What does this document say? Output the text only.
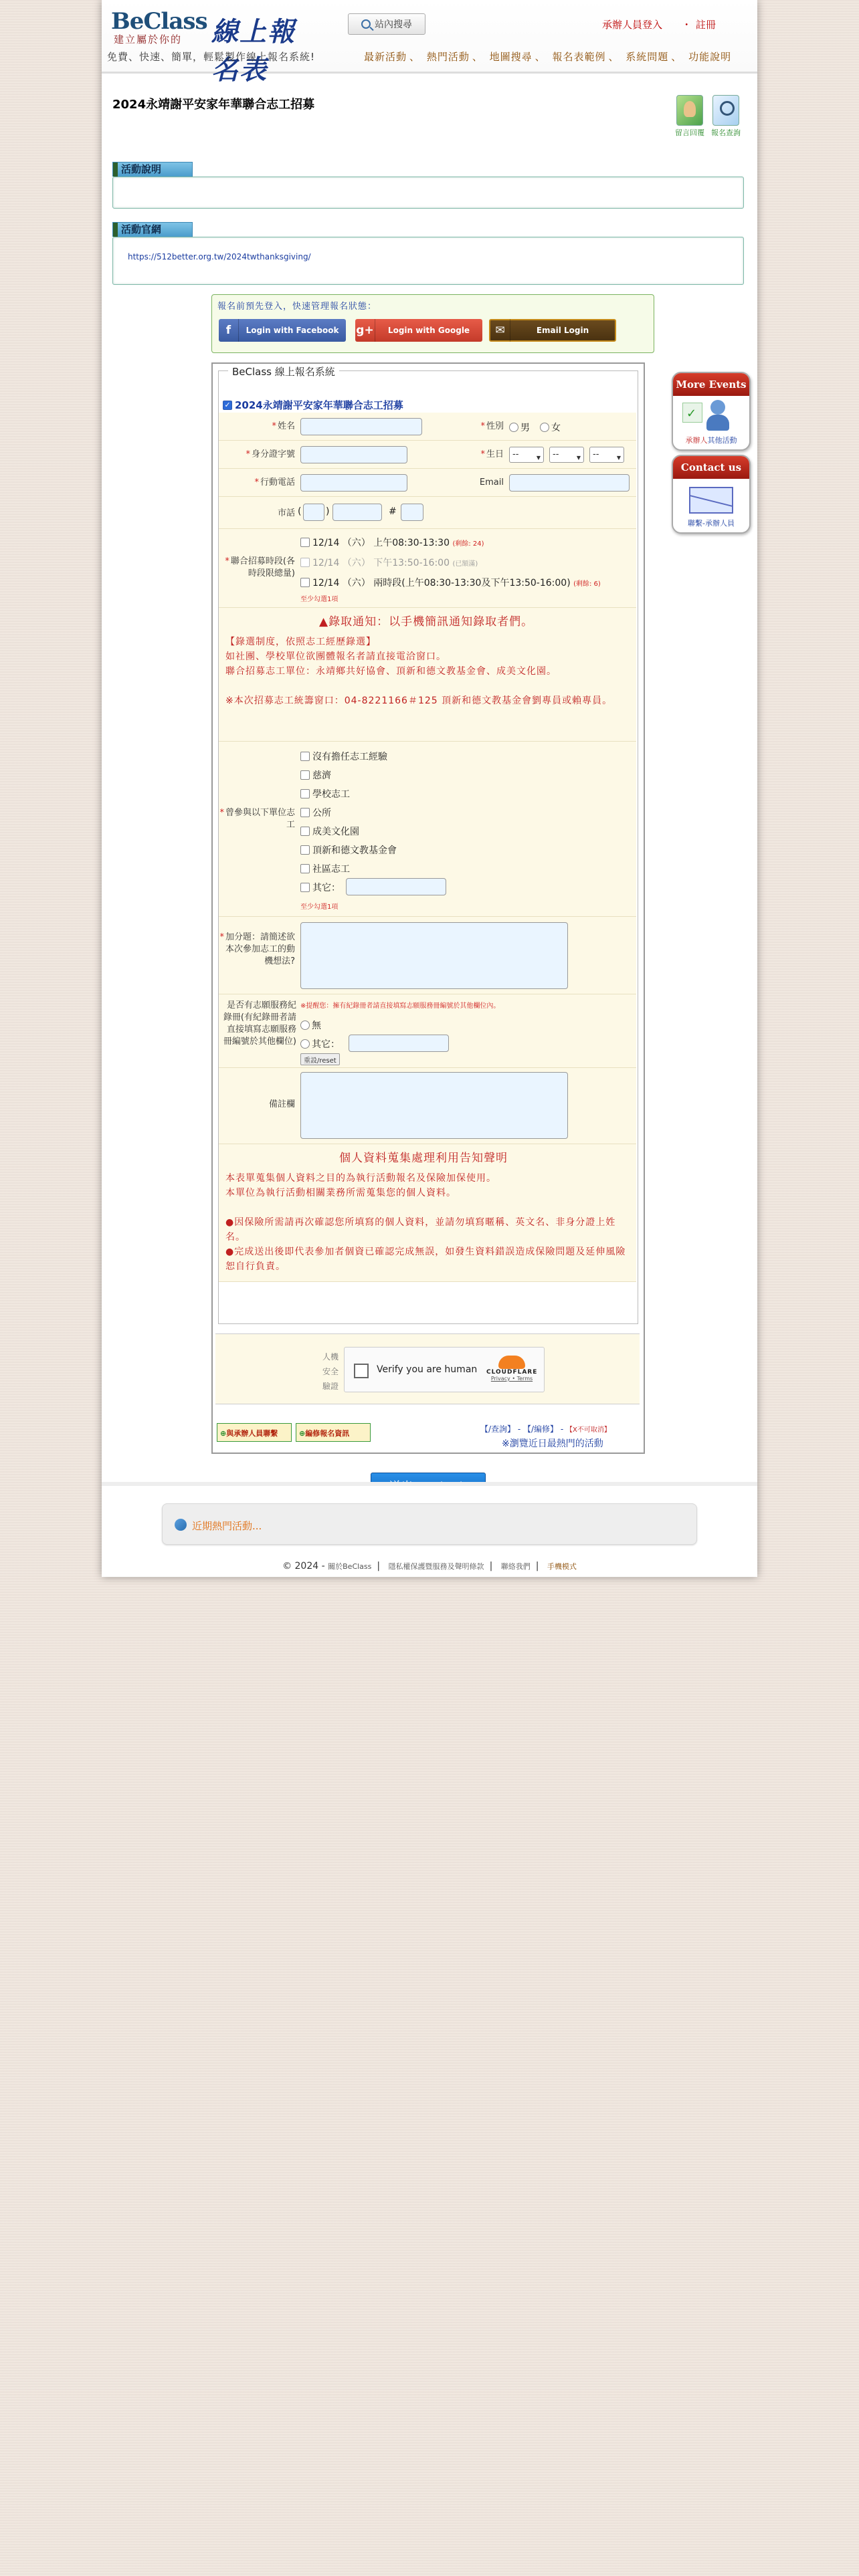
BeClass
建立屬於你的 線上報名表
免費、快速、簡單，輕鬆製作線上報名系統!
站內搜尋	承辦人員登入 ・ 註冊
最新活動 、 熱門活動 、 地圖搜尋 、 報名表範例 、 系統問題 、 功能說明
2024永靖謝平安家年華聯合志工招募
留言回覆 報名查詢
活動說明
活動官網
https://512better.org.tw/2024twthanksgiving/
報名前預先登入，快速管理報名狀態：
f	Login with Facebook	g+	Login with Google	✉	Email Login
BeClass 線上報名系統
✓ 2024永靖謝平安家年華聯合志工招募
* 姓名	* 性別	男	女
* 身分證字號	* 生日	-- ▼	-- ▼	-- ▼
* 行動電話	Email
市話 (	)	#
* 聯合招募時段(各時段限總量)
12/14 （六） 上午08:30-13:30 (剩餘: 24)
12/14 （六） 下午13:50-16:00 (已額滿)
12/14 （六） 兩時段(上午08:30-13:30及下午13:50-16:00) (剩餘: 6)
至少勾選1項
▲錄取通知：以手機簡訊通知錄取者們。
【錄選制度，依照志工經歷錄選】
如社團、學校單位欲團體報名者請直接電洽窗口。
聯合招募志工單位：永靖鄉共好協會、頂新和德文教基金會、成美文化園。
※本次招募志工統籌窗口：04-8221166＃125 頂新和德文教基金會劉專員或賴專員。
* 曾參與以下單位志工
沒有擔任志工經驗
慈濟
學校志工
公所
成美文化園
頂新和德文教基金會
社區志工
其它：
至少勾選1項
* 加分題：請簡述欲本次參加志工的動機想法?
是否有志願服務紀錄冊(有紀錄冊者請直接填寫志願服務冊編號於其他欄位)
※提醒您：擁有紀錄冊者請直接填寫志願服務冊編號於其他欄位內。
無
其它：
重設/reset
備註欄
個人資料蒐集處理利用告知聲明
本表單蒐集個人資料之目的為執行活動報名及保險加保使用。
本單位為執行活動相關業務所需蒐集您的個人資料。
●因保險所需請再次確認您所填寫的個人資料，並請勿填寫暱稱、英文名、非身分證上姓名。
●完成送出後即代表參加者個資已確認完成無誤，如發生資料錯誤造成保險問題及延伸風險恕自行負責。
人機安全驗證
Verify you are human CLOUDFLARE
Privacy • Terms
⊕與承辦人員聯繫	⊕編修報名資訊	【/查詢】 - 【/編修】 - 【X不可取消】
※瀏覽近日最熱門的活動
More Events
✓
承辦人其他活動
Contact us
聯繫-承辦人員
近期熱門活動...
© 2024 - 關於BeClass | 隱私權保護暨服務及聲明條款 | 聯絡我們 | 手機模式
